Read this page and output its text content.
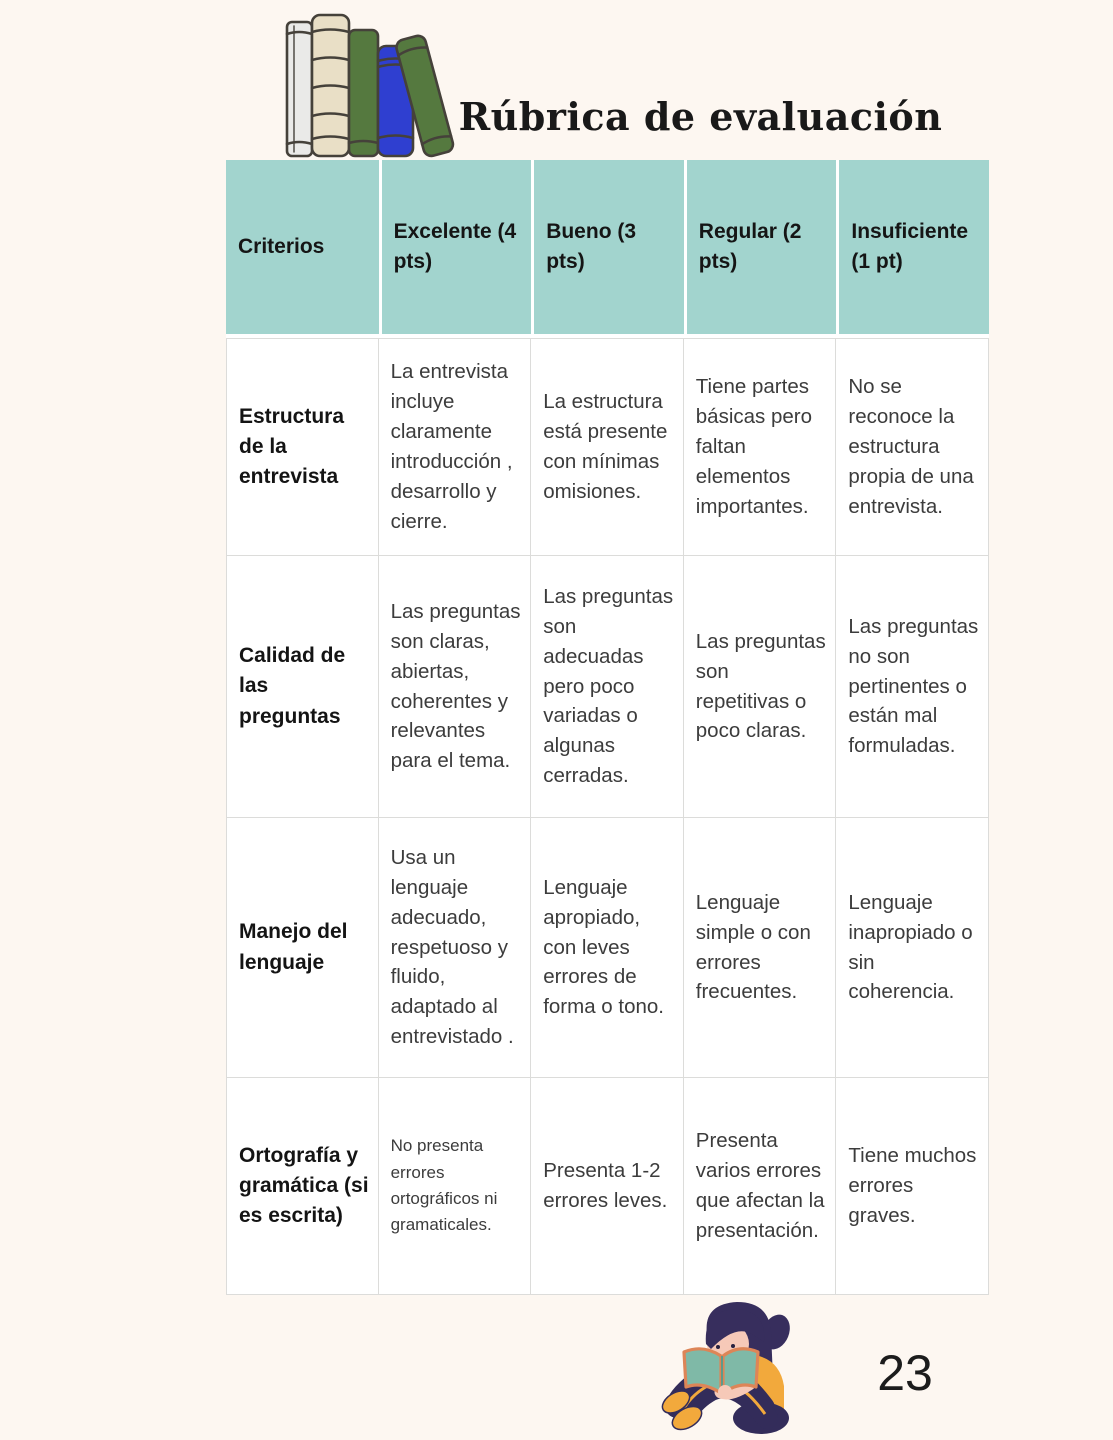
Rúbrica de evaluación
Criterios	Excelente (4 pts)	Bueno (3 pts)	Regular (2 pts)	Insuficiente (1 pt)
Estructura de la entrevista	La entrevista incluye claramente introducción , desarrollo y cierre.	La estructura está presente con mínimas omisiones.	Tiene partes básicas pero faltan elementos importantes.	No se reconoce la estructura propia de una entrevista.
Calidad de las preguntas	Las preguntas son claras, abiertas, coherentes y relevantes para el tema.	Las preguntas son adecuadas pero poco variadas o algunas cerradas.	Las preguntas son repetitivas o poco claras.	Las preguntas no son pertinentes o están mal formuladas.
Manejo del lenguaje	Usa un lenguaje adecuado, respetuoso y fluido, adaptado al entrevistado .	Lenguaje apropiado, con leves errores de forma o tono.	Lenguaje simple o con errores frecuentes.	Lenguaje inapropiado o sin coherencia.
Ortografía y gramática (si es escrita)	No presenta errores ortográficos ni gramaticales.	Presenta 1-2 errores leves.	Presenta varios errores que afectan la presentación.	Tiene muchos errores graves.
23
